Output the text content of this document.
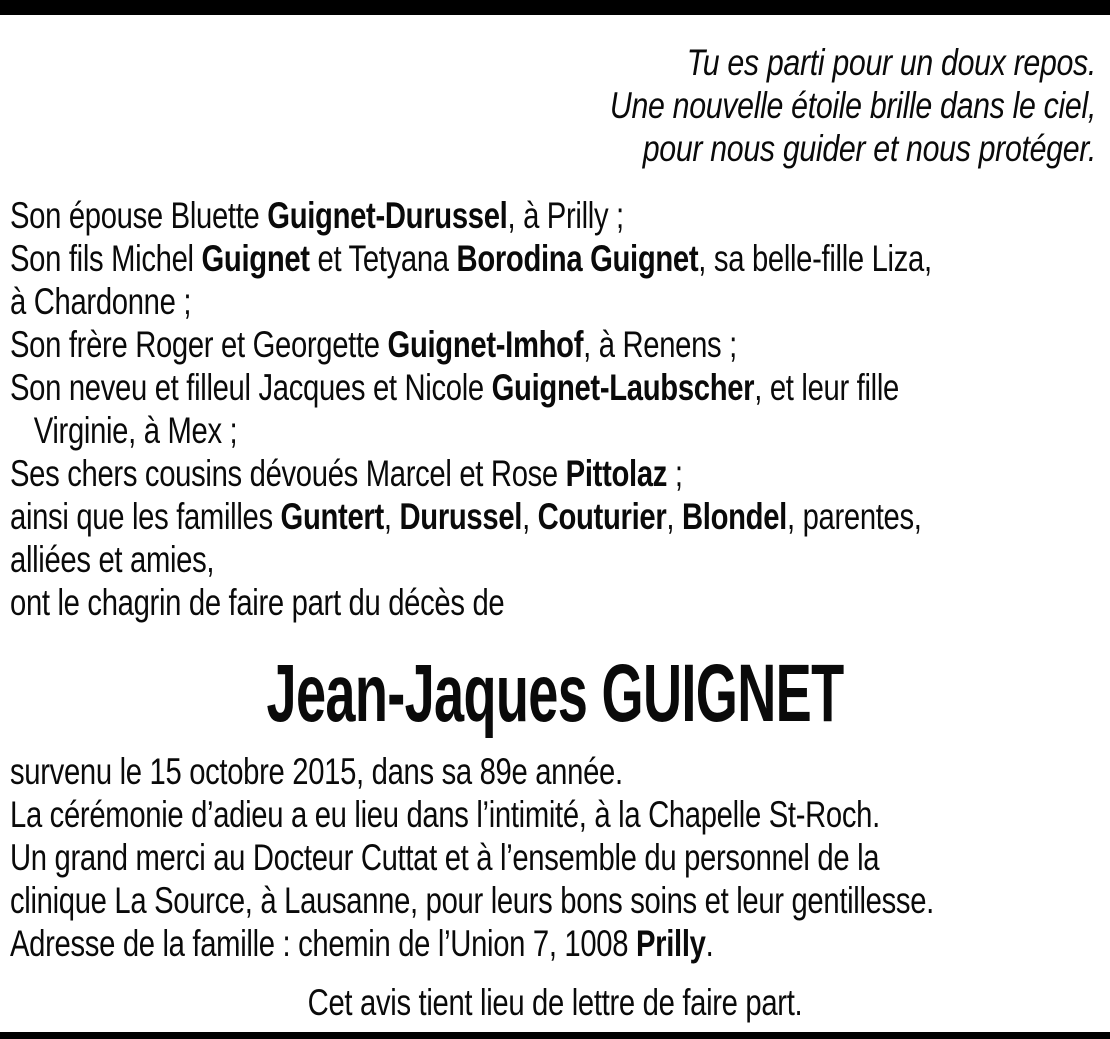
Tu es parti pour un doux repos.
Une nouvelle étoile brille dans le ciel,
pour nous guider et nous protéger.
Son épouse Bluette Guignet-Durussel, à Prilly ;
Son fils Michel Guignet et Tetyana Borodina Guignet, sa belle-fille Liza,
à Chardonne ;
Son frère Roger et Georgette Guignet-Imhof, à Renens ;
Son neveu et filleul Jacques et Nicole Guignet-Laubscher, et leur fille
Virginie, à Mex ;
Ses chers cousins dévoués Marcel et Rose Pittolaz ;
ainsi que les familles Guntert, Durussel, Couturier, Blondel, parentes,
alliées et amies,
ont le chagrin de faire part du décès de
Jean-Jaques GUIGNET
survenu le 15 octobre 2015, dans sa 89e année.
La cérémonie d’adieu a eu lieu dans l’intimité, à la Chapelle St-Roch.
Un grand merci au Docteur Cuttat et à l’ensemble du personnel de la
clinique La Source, à Lausanne, pour leurs bons soins et leur gentillesse.
Adresse de la famille : chemin de l’Union 7, 1008 Prilly.
Cet avis tient lieu de lettre de faire part.
